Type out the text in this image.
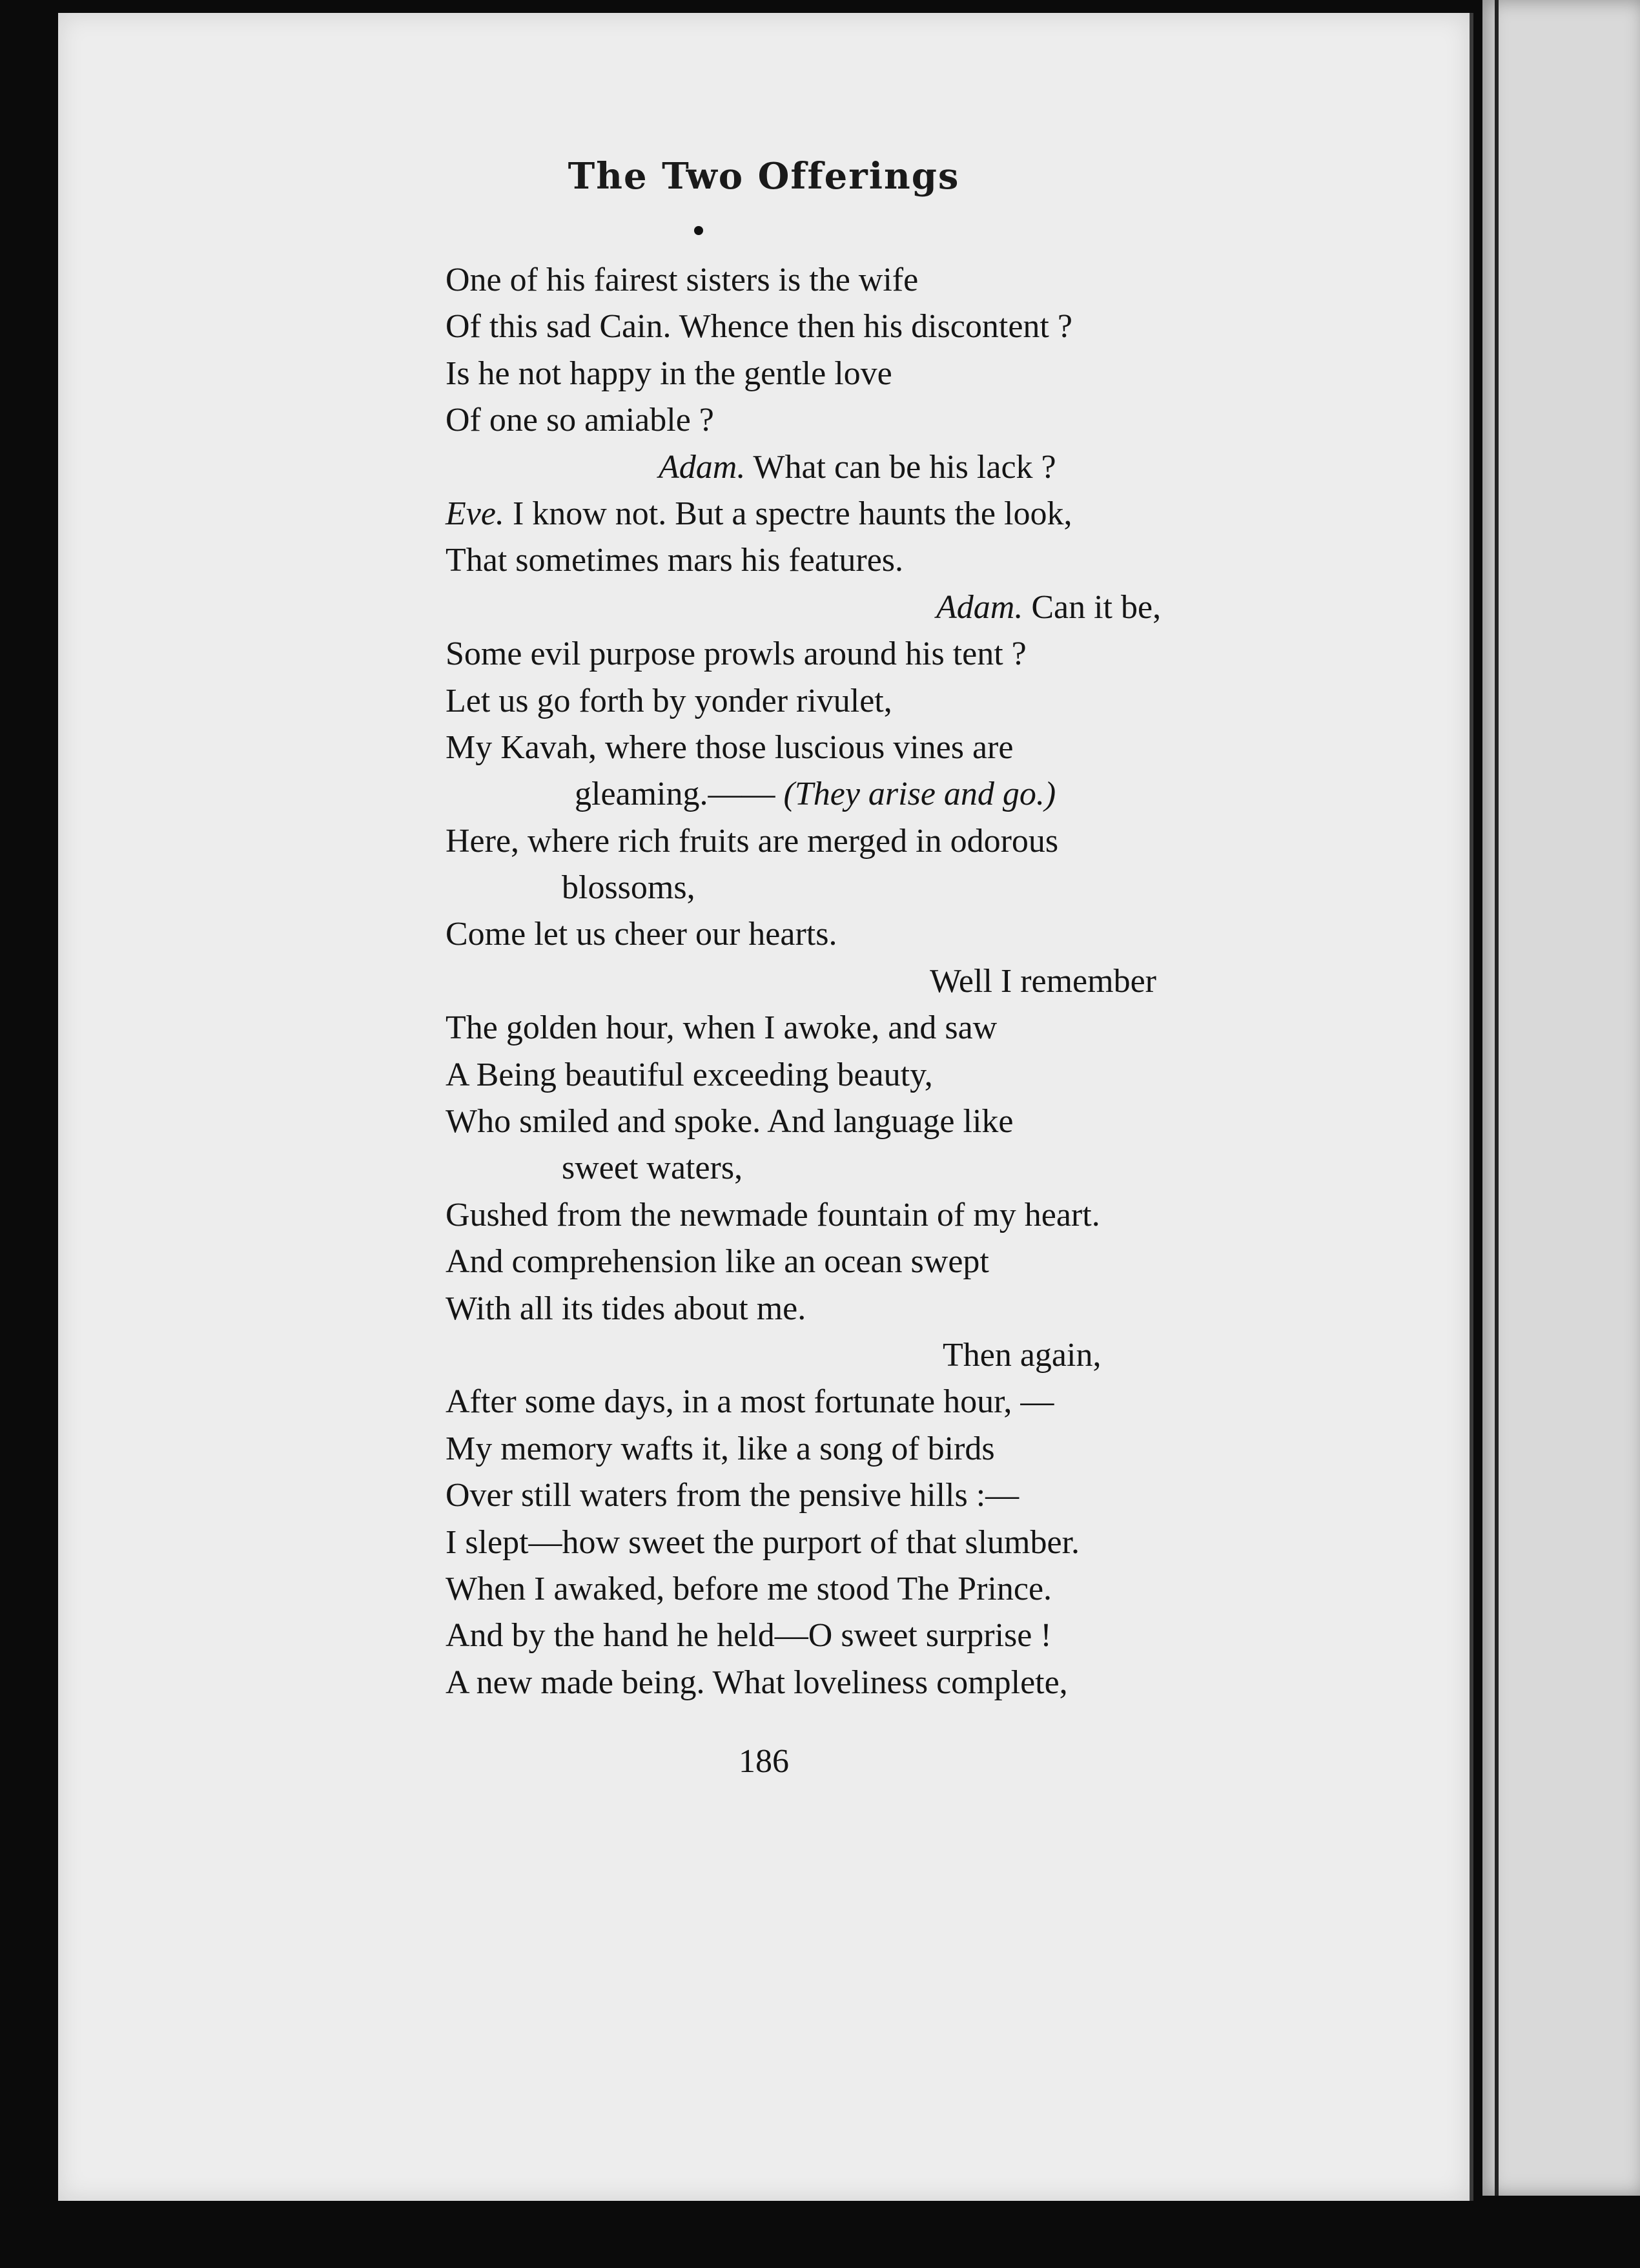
The Two Offerings
One of his fairest sisters is the wife
Of this sad Cain. Whence then his discontent ?
Is he not happy in the gentle love
Of one so amiable ?
Adam. What can be his lack ?
Eve. I know not. But a spectre haunts the look,
That sometimes mars his features.
Adam. Can it be,
Some evil purpose prowls around his tent ?
Let us go forth by yonder rivulet,
My Kavah, where those luscious vines are
gleaming.—— (They arise and go.)
Here, where rich fruits are merged in odorous
blossoms,
Come let us cheer our hearts.
Well I remember
The golden hour, when I awoke, and saw
A Being beautiful exceeding beauty,
Who smiled and spoke. And language like
sweet waters,
Gushed from the newmade fountain of my heart.
And comprehension like an ocean swept
With all its tides about me.
Then again,
After some days, in a most fortunate hour, —
My memory wafts it, like a song of birds
Over still waters from the pensive hills :—
I slept—how sweet the purport of that slumber.
When I awaked, before me stood The Prince.
And by the hand he held—O sweet surprise !
A new made being. What loveliness complete,
186
